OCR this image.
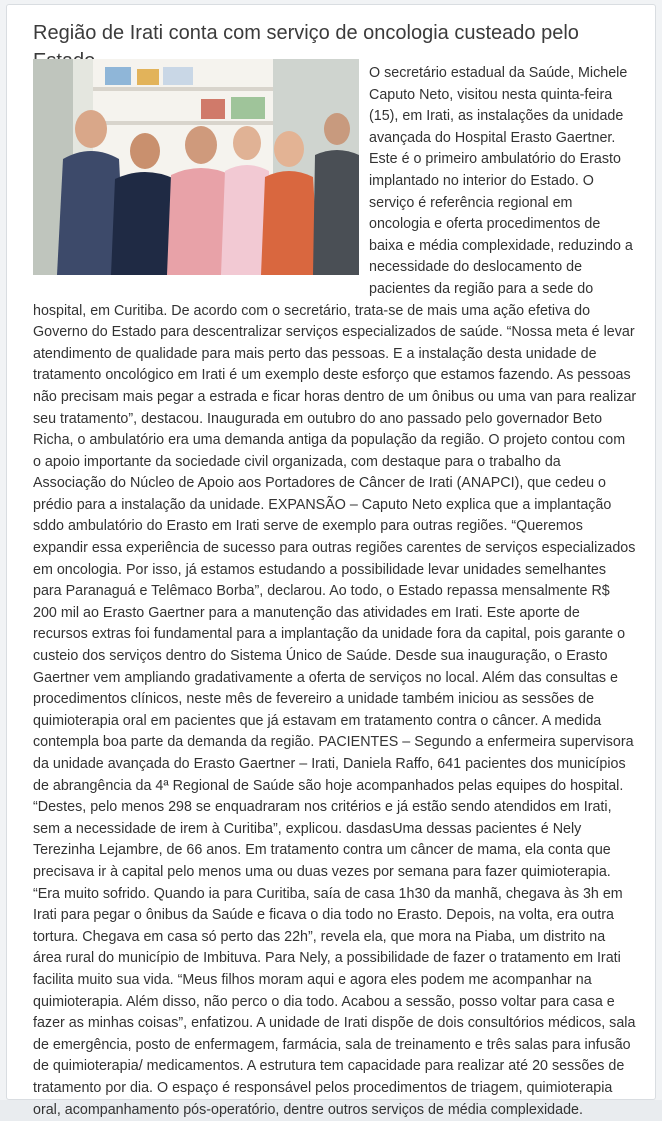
Região de Irati conta com serviço de oncologia custeado pelo

O secretário estadual da Saúde, Michele Caputo Neto, visitou nesta quinta-feira (15), em Irati, as instalações da unidade avançada do Hospital Erasto Gaertner. Este é o primeiro ambulatório do Erasto implantado no interior do Estado. O serviço é referência regional em oncologia e oferta procedimentos de baixa e média complexidade, reduzindo a necessidade do deslocamento de pacientes da região para a sede do hospital, em Curitiba. De acordo com o secretário, trata-se de mais uma ação efetiva do Governo do Estado para descentralizar serviços especializados de saúde. “Nossa meta é levar atendimento de qualidade para mais perto das pessoas. E a instalação desta unidade de tratamento oncológico em Irati é um exemplo deste esforço que estamos fazendo. As pessoas não precisam mais pegar a estrada e ficar horas dentro de um ônibus ou uma van para realizar seu tratamento”, destacou. Inaugurada em outubro do ano passado pelo governador Beto Richa, o ambulatório era uma demanda antiga da população da região. O projeto contou com o apoio importante da sociedade civil organizada, com destaque para o trabalho da Associação do Núcleo de Apoio aos Portadores de Câncer de Irati (ANAPCI), que cedeu o prédio para a instalação da unidade. EXPANSÃO – Caputo Neto explica que a implantação sddo ambulatório do Erasto em Irati serve de exemplo para outras regiões. “Queremos expandir essa experiência de sucesso para outras regiões carentes de serviços especializados em oncologia. Por isso, já estamos estudando a possibilidade levar unidades semelhantes para Paranaguá e Telêmaco Borba”, declarou. Ao todo, o Estado repassa mensalmente R$ 200 mil ao Erasto Gaertner para a manutenção das atividades em Irati. Este aporte de recursos extras foi fundamental para a implantação da unidade fora da capital, pois garante o custeio dos serviços dentro do Sistema Único de Saúde. Desde sua inauguração, o Erasto Gaertner vem ampliando gradativamente a oferta de serviços no local. Além das consultas e procedimentos clínicos, neste mês de fevereiro a unidade também iniciou as sessões de quimioterapia oral em pacientes que já estavam em tratamento contra o câncer. A medida contempla boa parte da demanda da região. PACIENTES – Segundo a enfermeira supervisora da unidade avançada do Erasto Gaertner – Irati, Daniela Raffo, 641 pacientes dos municípios de abrangência da 4ª Regional de Saúde são hoje acompanhados pelas equipes do hospital. “Destes, pelo menos 298 se enquadraram nos critérios e já estão sendo atendidos em Irati, sem a necessidade de irem à Curitiba”, explicou. dasdasUma dessas pacientes é Nely Terezinha Lejambre, de 66 anos. Em tratamento contra um câncer de mama, ela conta que precisava ir à capital pelo menos uma ou duas vezes por semana para fazer quimioterapia. “Era muito sofrido. Quando ia para Curitiba, saía de casa 1h30 da manhã, chegava às 3h em Irati para pegar o ônibus da Saúde e ficava o dia todo no Erasto. Depois, na volta, era outra tortura. Chegava em casa só perto das 22h”, revela ela, que mora na Piaba, um distrito na área rural do município de Imbituva. Para Nely, a possibilidade de fazer o tratamento em Irati facilita muito sua vida. “Meus filhos moram aqui e agora eles podem me acompanhar na quimioterapia. Além disso, não perco o dia todo. Acabou a sessão, posso voltar para casa e fazer as minhas coisas”, enfatizou. A unidade de Irati dispõe de dois consultórios médicos, sala de emergência, posto de enfermagem, farmácia, sala de treinamento e três salas para infusão de quimioterapia/ medicamentos. A estrutura tem capacidade para realizar até 20 sessões de tratamento por dia. O espaço é responsável pelos procedimentos de triagem, quimioterapia oral, acompanhamento pós-operatório, dentre outros serviços de média complexidade.
